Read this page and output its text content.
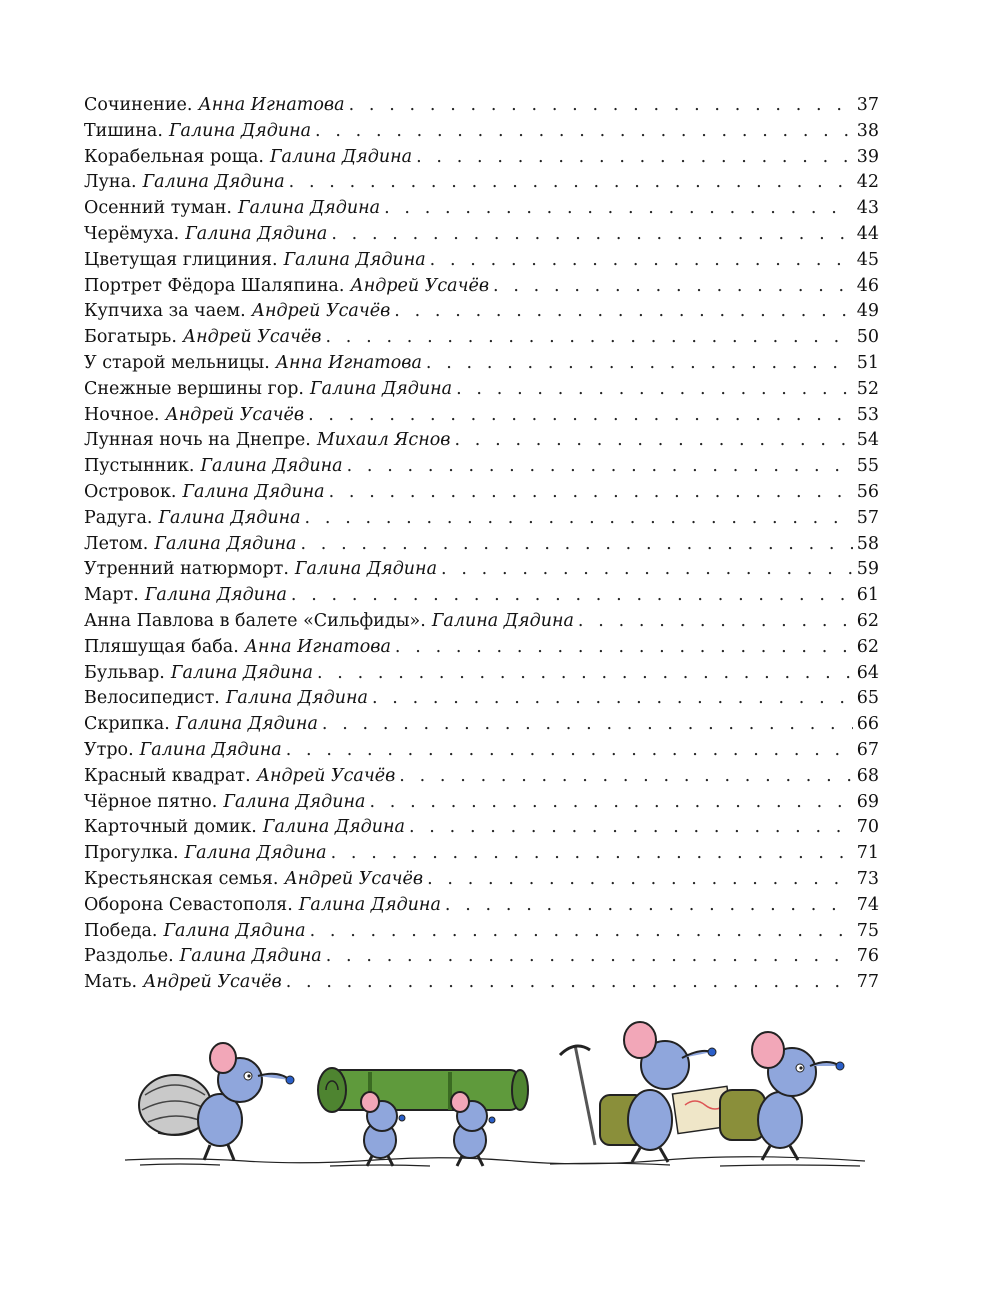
Сочинение. Анна Игнатова . . .	37
Тишина. Галина Дядина . . .	38
Корабельная роща. Галина Дядина . . .	39
Луна. Галина Дядина . . .	42
Осенний туман. Галина Дядина . . .	43
Черёмуха. Галина Дядина . . .	44
Цветущая глициния. Галина Дядина . . .	45
Портрет Фёдора Шаляпина. Андрей Усачёв . . .	46
Купчиха за чаем. Андрей Усачёв . . .	49
Богатырь. Андрей Усачёв . . .	50
У старой мельницы. Анна Игнатова . . .	51
Снежные вершины гор. Галина Дядина . . .	52
Ночное. Андрей Усачёв . . .	53
Лунная ночь на Днепре. Михаил Яснов . . .	54
Пустынник. Галина Дядина . . .	55
Островок. Галина Дядина . . .	56
Радуга. Галина Дядина . . .	57
Летом. Галина Дядина . . .	58
Утренний натюрморт. Галина Дядина . . .	59
Март. Галина Дядина . . .	61
Анна Павлова в балете «Сильфиды». Галина Дядина . . .	62
Пляшущая баба. Анна Игнатова . . .	62
Бульвар. Галина Дядина . . .	64
Велосипедист. Галина Дядина . . .	65
Скрипка. Галина Дядина . . .	66
Утро. Галина Дядина . . .	67
Красный квадрат. Андрей Усачёв . . .	68
Чёрное пятно. Галина Дядина . . .	69
Карточный домик. Галина Дядина . . .	70
Прогулка. Галина Дядина . . .	71
Крестьянская семья. Андрей Усачёв . . .	73
Оборона Севастополя. Галина Дядина . . .	74
Победа. Галина Дядина . . .	75
Раздолье. Галина Дядина . . .	76
Мать. Андрей Усачёв . . .	77
